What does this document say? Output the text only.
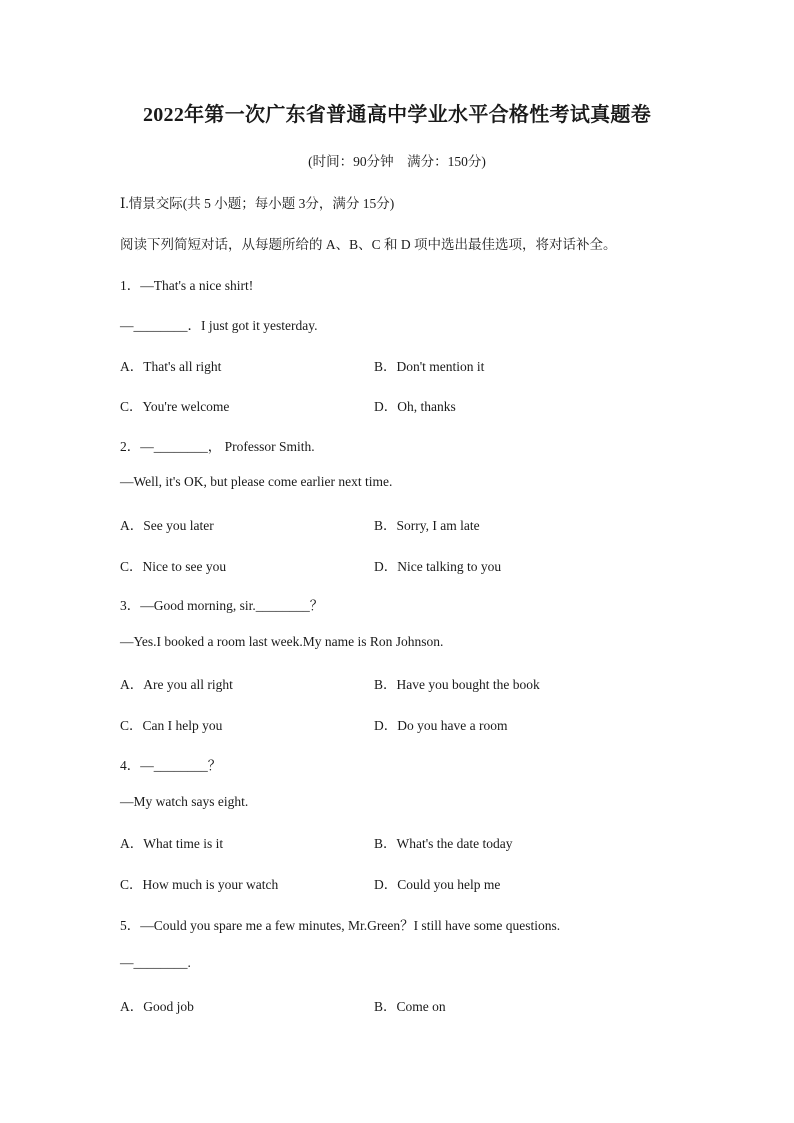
2022年第一次广东省普通高中学业水平合格性考试真题卷
(时间：90分钟　满分：150分)
Ⅰ.情景交际(共 5 小题；每小题 3分，满分 15分)
阅读下列简短对话，从每题所给的 A、B、C 和 D 项中选出最佳选项，将对话补全。
1．—That's a nice shirt!
—________．I just got it yesterday.
A．That's all right	B．Don't mention it
C．You're welcome	D．Oh, thanks
2．—________， Professor Smith.
—Well, it's OK, but please come earlier next time.
A．See you later	B．Sorry, I am late
C．Nice to see you	D．Nice talking to you
3．—Good morning, sir.________？
—Yes.I booked a room last week.My name is Ron Johnson.
A．Are you all right	B．Have you bought the book
C．Can I help you	D．Do you have a room
4．—________？
—My watch says eight.
A．What time is it	B．What's the date today
C．How much is your watch	D．Could you help me
5．—Could you spare me a few minutes, Mr.Green？I still have some questions.
—________.
A．Good job	B．Come on
